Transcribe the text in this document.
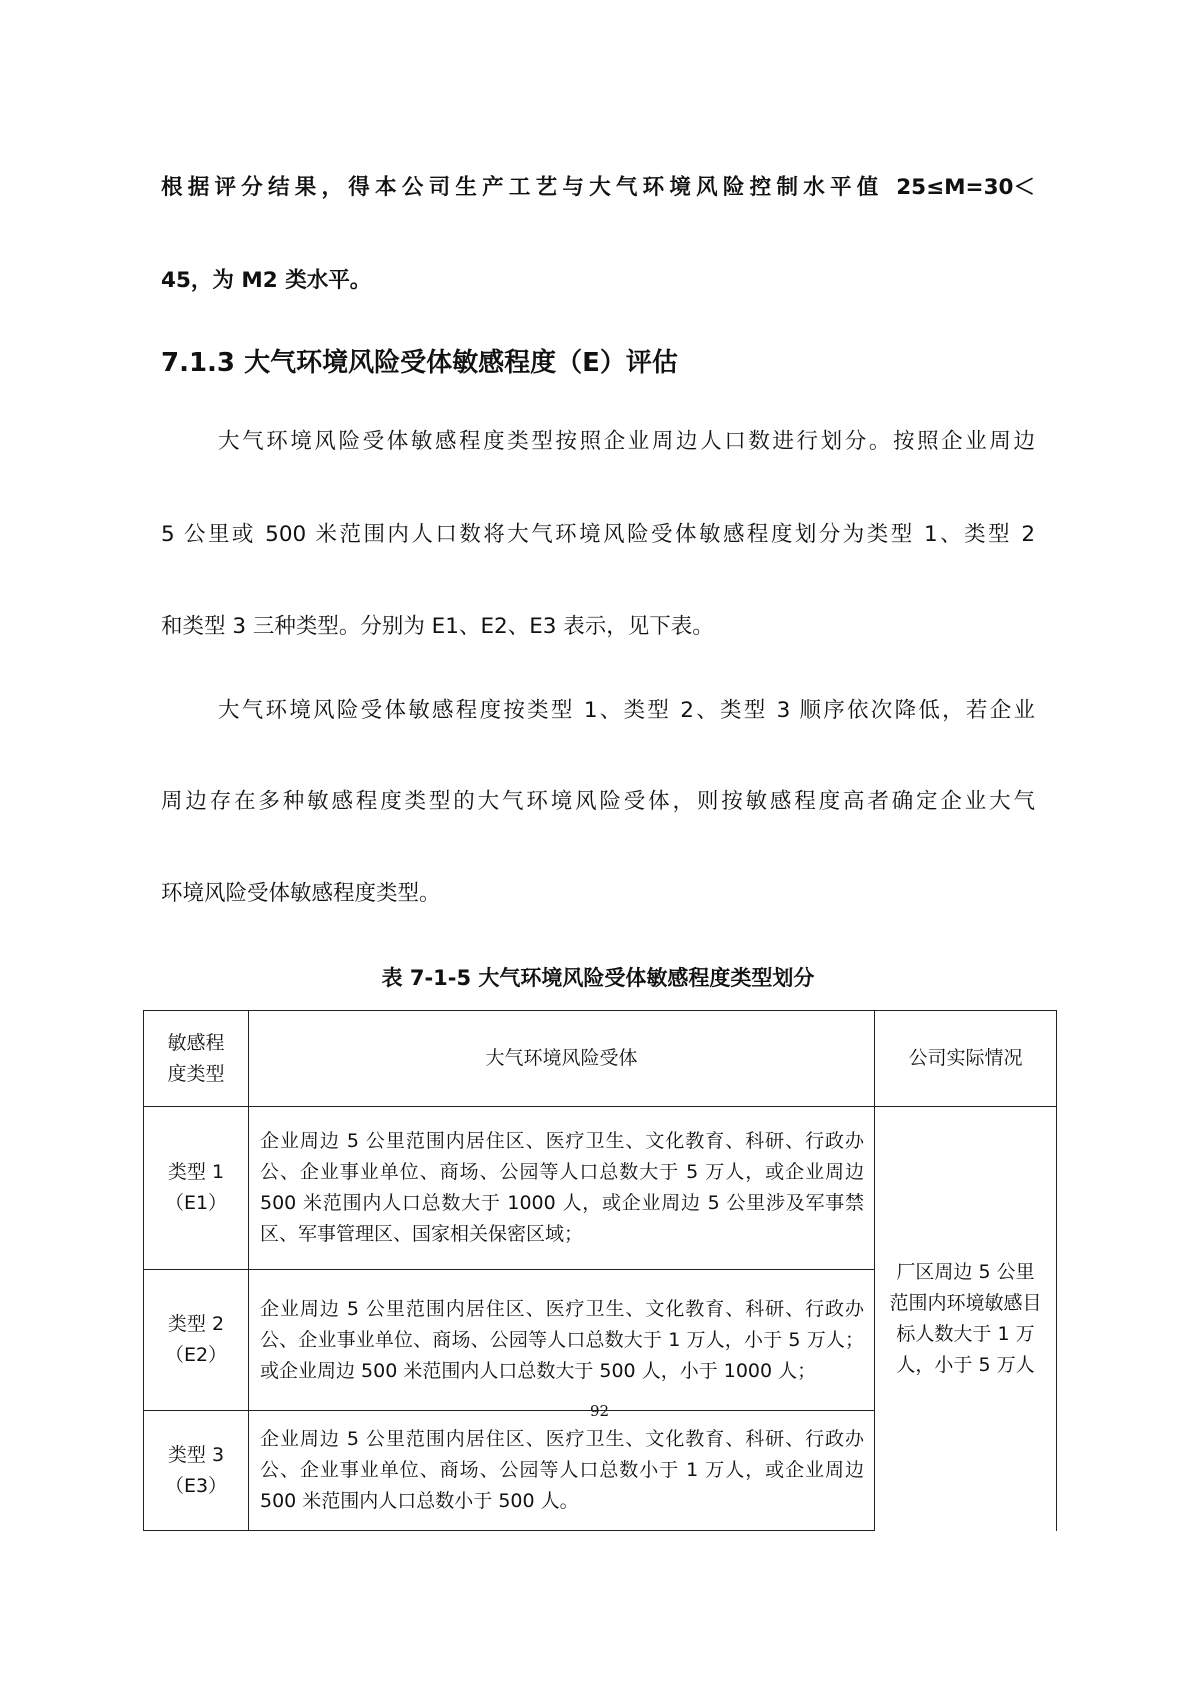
根据评分结果，得本公司生产工艺与大气环境风险控制水平值 25≤M=30＜
45，为 M2 类水平。
7.1.3 大气环境风险受体敏感程度（E）评估
大气环境风险受体敏感程度类型按照企业周边人口数进行划分。按照企业周边
5 公里或 500 米范围内人口数将大气环境风险受体敏感程度划分为类型 1、类型 2
和类型 3 三种类型。分别为 E1、E2、E3 表示，见下表。
大气环境风险受体敏感程度按类型 1、类型 2、类型 3 顺序依次降低，若企业
周边存在多种敏感程度类型的大气环境风险受体，则按敏感程度高者确定企业大气
环境风险受体敏感程度类型。
表 7-1-5 大气环境风险受体敏感程度类型划分
敏感程度类型	大气环境风险受体	公司实际情况
类型 1（E1）	企业周边 5 公里范围内居住区、医疗卫生、文化教育、科研、行政办公、企业事业单位、商场、公园等人口总数大于 5 万人，或企业周边 500 米范围内人口总数大于 1000 人，或企业周边 5 公里涉及军事禁区、军事管理区、国家相关保密区域；	厂区周边 5 公里范围内环境敏感目标人数大于 1 万人，小于 5 万人
类型 2（E2）	企业周边 5 公里范围内居住区、医疗卫生、文化教育、科研、行政办公、企业事业单位、商场、公园等人口总数大于 1 万人，小于 5 万人；或企业周边 500 米范围内人口总数大于 500 人，小于 1000 人；	
类型 3（E3）	企业周边 5 公里范围内居住区、医疗卫生、文化教育、科研、行政办公、企业事业单位、商场、公园等人口总数小于 1 万人，或企业周边 500 米范围内人口总数小于 500 人。	
92
